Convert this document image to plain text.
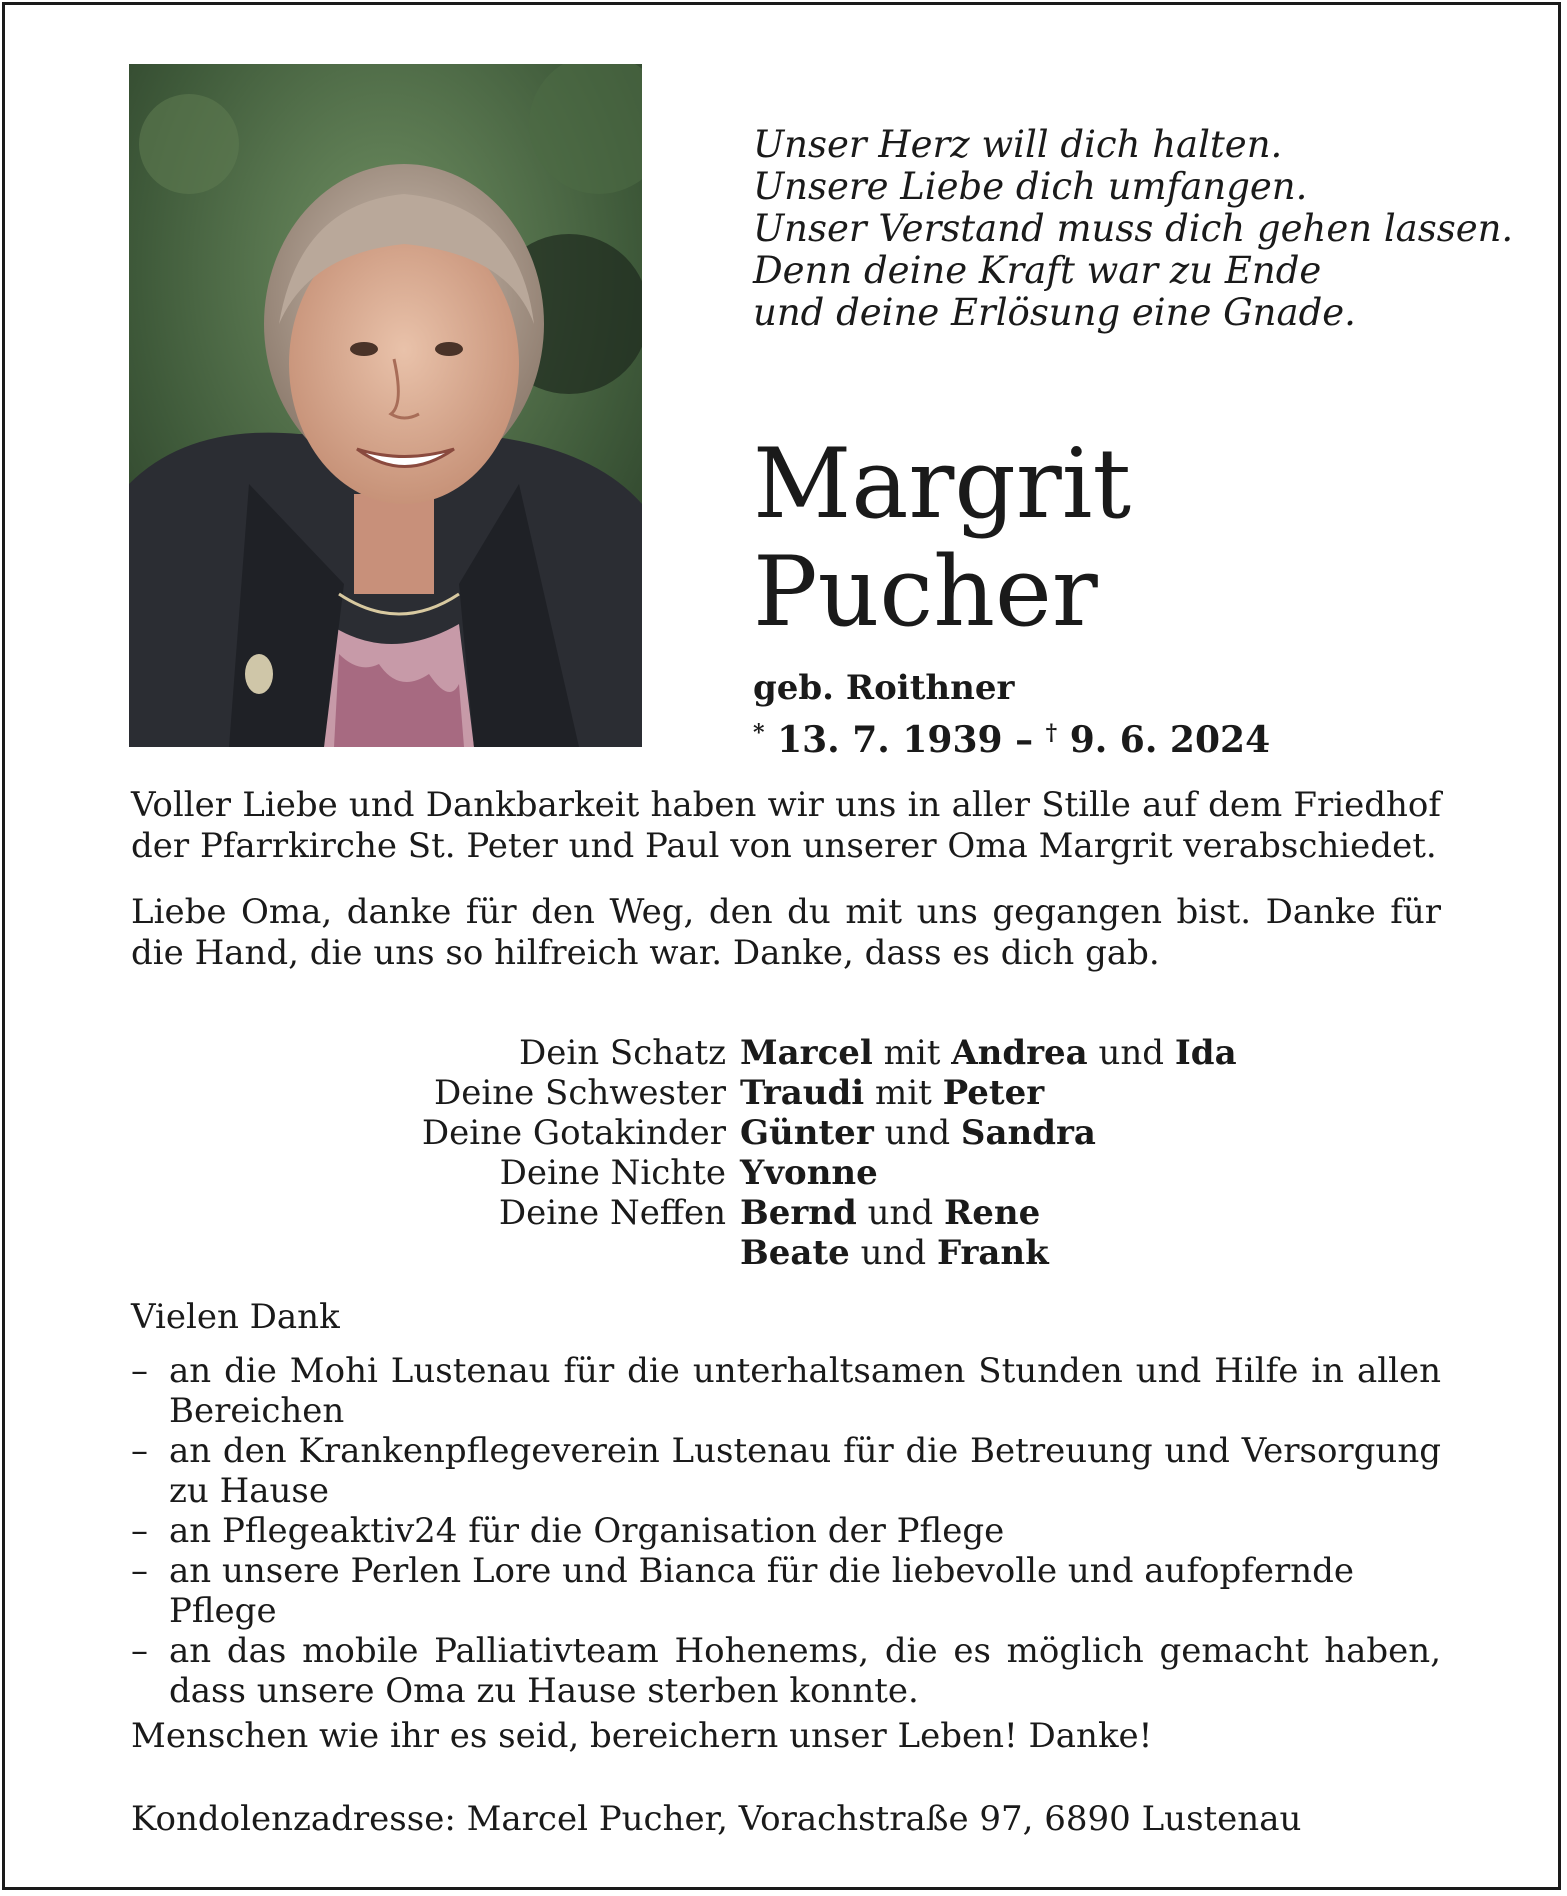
Unser Herz will dich halten.
Unsere Liebe dich umfangen.
Unser Verstand muss dich gehen lassen.
Denn deine Kraft war zu Ende
und deine Erlösung eine Gnade.
Margrit
Pucher
geb. Roithner
* 13. 7. 1939 – † 9. 6. 2024
Voller Liebe und Dankbarkeit haben wir uns in aller Stille auf dem Friedhof der Pfarrkirche St. Peter und Paul von unserer Oma Margrit verabschiedet.
Liebe Oma, danke für den Weg, den du mit uns gegangen bist. Danke für die Hand, die uns so hilfreich war. Danke, dass es dich gab.
Dein Schatz Marcel mit Andrea und Ida
Deine Schwester Traudi mit Peter
Deine Gotakinder Günter und Sandra
Deine Nichte Yvonne
Deine Neffen Bernd und Rene
Beate und Frank
Vielen Dank
– an die Mohi Lustenau für die unterhaltsamen Stunden und Hilfe in allen Bereichen
– an den Krankenpflegeverein Lustenau für die Betreuung und Versorgung zu Hause
– an Pflegeaktiv24 für die Organisation der Pflege
– an unsere Perlen Lore und Bianca für die liebevolle und aufopfernde Pflege
– an das mobile Palliativteam Hohenems, die es möglich gemacht haben, dass unsere Oma zu Hause sterben konnte.
Menschen wie ihr es seid, bereichern unser Leben! Danke!
Kondolenzadresse: Marcel Pucher, Vorachstraße 97, 6890 Lustenau
